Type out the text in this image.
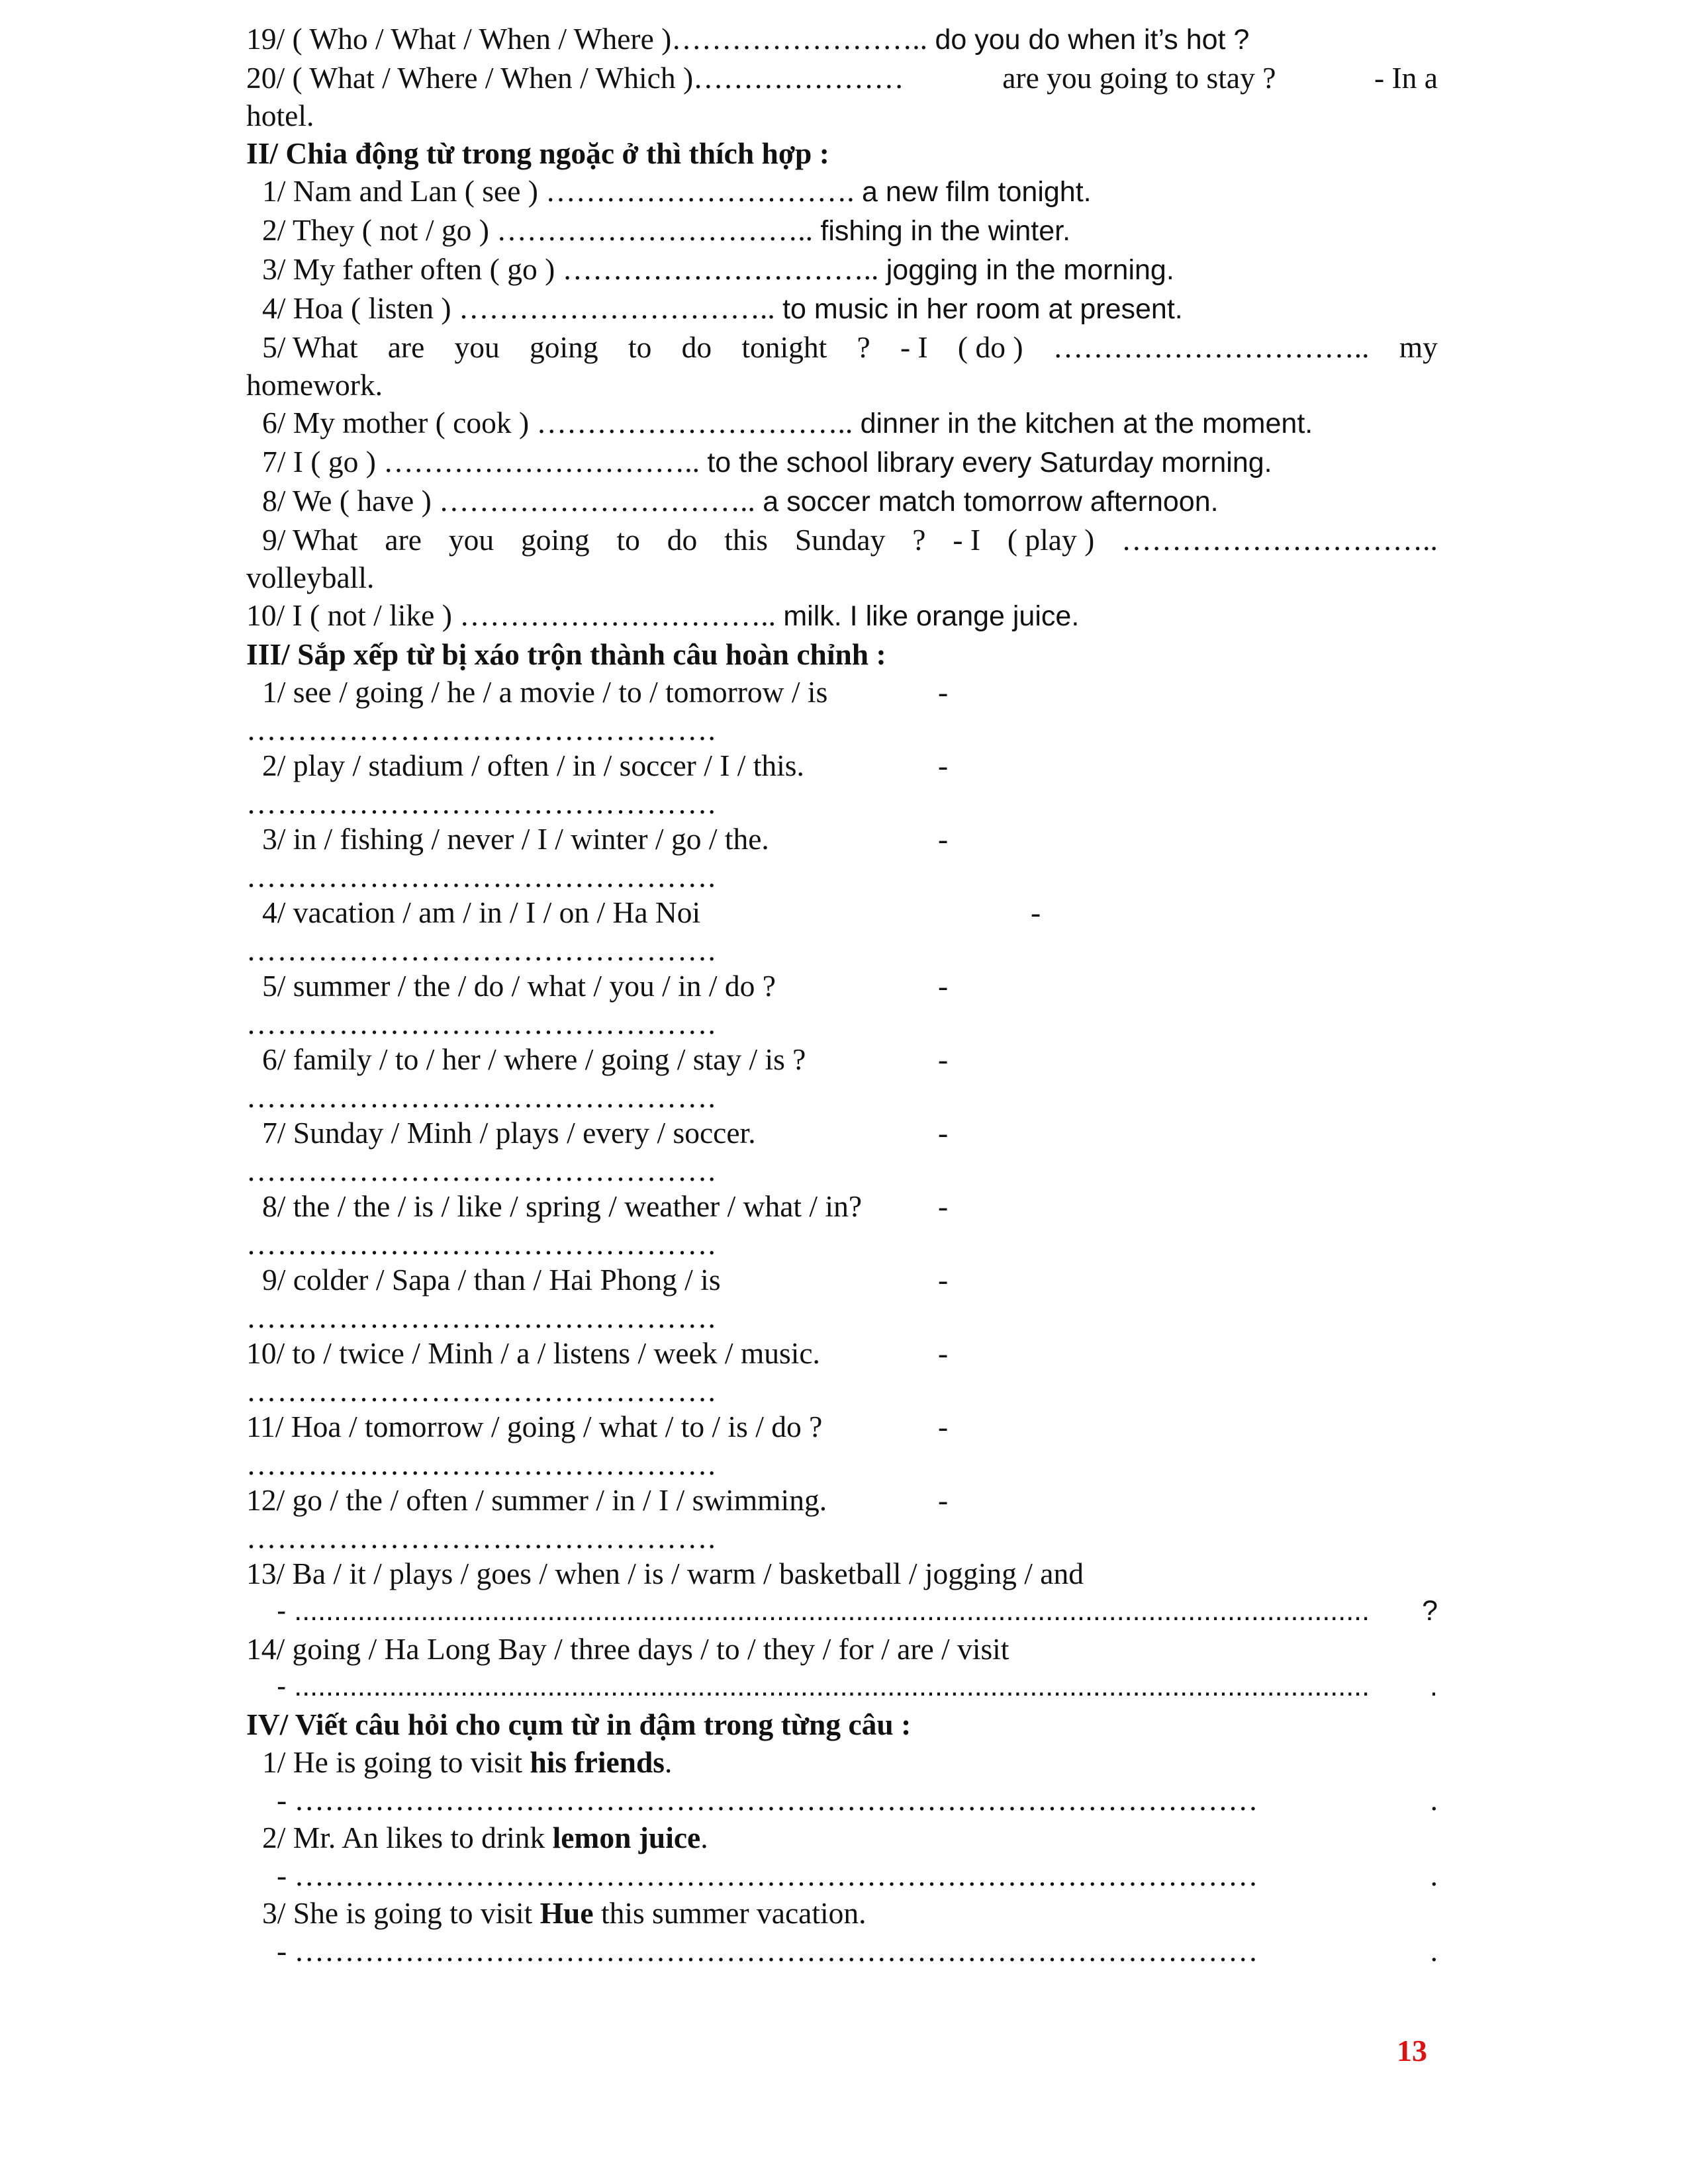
19/ ( Who / What / When / Where )…………………….. do you do when it’s hot ?
20/ ( What / Where / When / Which )…………………	are you going to stay ?	- In a
hotel.
II/ Chia động từ trong ngoặc ở thì thích hợp :
1/ Nam and Lan ( see ) …………………………. a new film tonight.
2/ They ( not / go ) ………………………….. fishing in the winter.
3/ My father often ( go ) ………………………….. jogging in the morning.
4/ Hoa ( listen ) ………………………….. to music in her room at present.
5/ What are you going to do tonight ? - I ( do ) ………………………….. my
homework.
6/ My mother ( cook ) ………………………….. dinner in the kitchen at the moment.
7/ I ( go ) ………………………….. to the school library every Saturday morning.
8/ We ( have ) ………………………….. a soccer match tomorrow afternoon.
9/ What are you going to do this Sunday ? - I ( play ) …………………………..
volleyball.
10/ I ( not / like ) ………………………….. milk. I like orange juice.
III/ Sắp xếp từ bị xáo trộn thành câu hoàn chỉnh :
1/ see / going / he / a movie / to / tomorrow / is	-
……………………………………….
2/ play / stadium / often / in / soccer / I / this.	-
……………………………………….
3/ in / fishing / never / I / winter / go / the.	-
……………………………………….
4/ vacation / am / in / I / on / Ha Noi	-
……………………………………….
5/ summer / the / do / what / you / in / do ?	-
……………………………………….
6/ family / to / her / where / going / stay / is ?	-
……………………………………….
7/ Sunday / Minh / plays / every / soccer.	-
……………………………………….
8/ the / the / is / like / spring / weather / what / in?	-
……………………………………….
9/ colder / Sapa / than / Hai Phong / is	-
……………………………………….
10/ to / twice / Minh / a / listens / week / music.	-
……………………………………….
11/ Hoa / tomorrow / going / what / to / is / do ?	-
……………………………………….
12/ go / the / often / summer / in / I / swimming.	-
……………………………………….
13/ Ba / it / plays / goes / when / is / warm / basketball / jogging / and
- ........................................................................................................................................ ?
14/ going / Ha Long Bay / three days / to / they / for / are / visit
- ........................................................................................................................................ .
IV/ Viết câu hỏi cho cụm từ in đậm trong từng câu :
1/ He is going to visit his friends.
- ……………………………………………………………………………………	.
2/ Mr. An likes to drink lemon juice.
- ……………………………………………………………………………………	.
3/ She is going to visit Hue this summer vacation.
- ……………………………………………………………………………………	.
13
